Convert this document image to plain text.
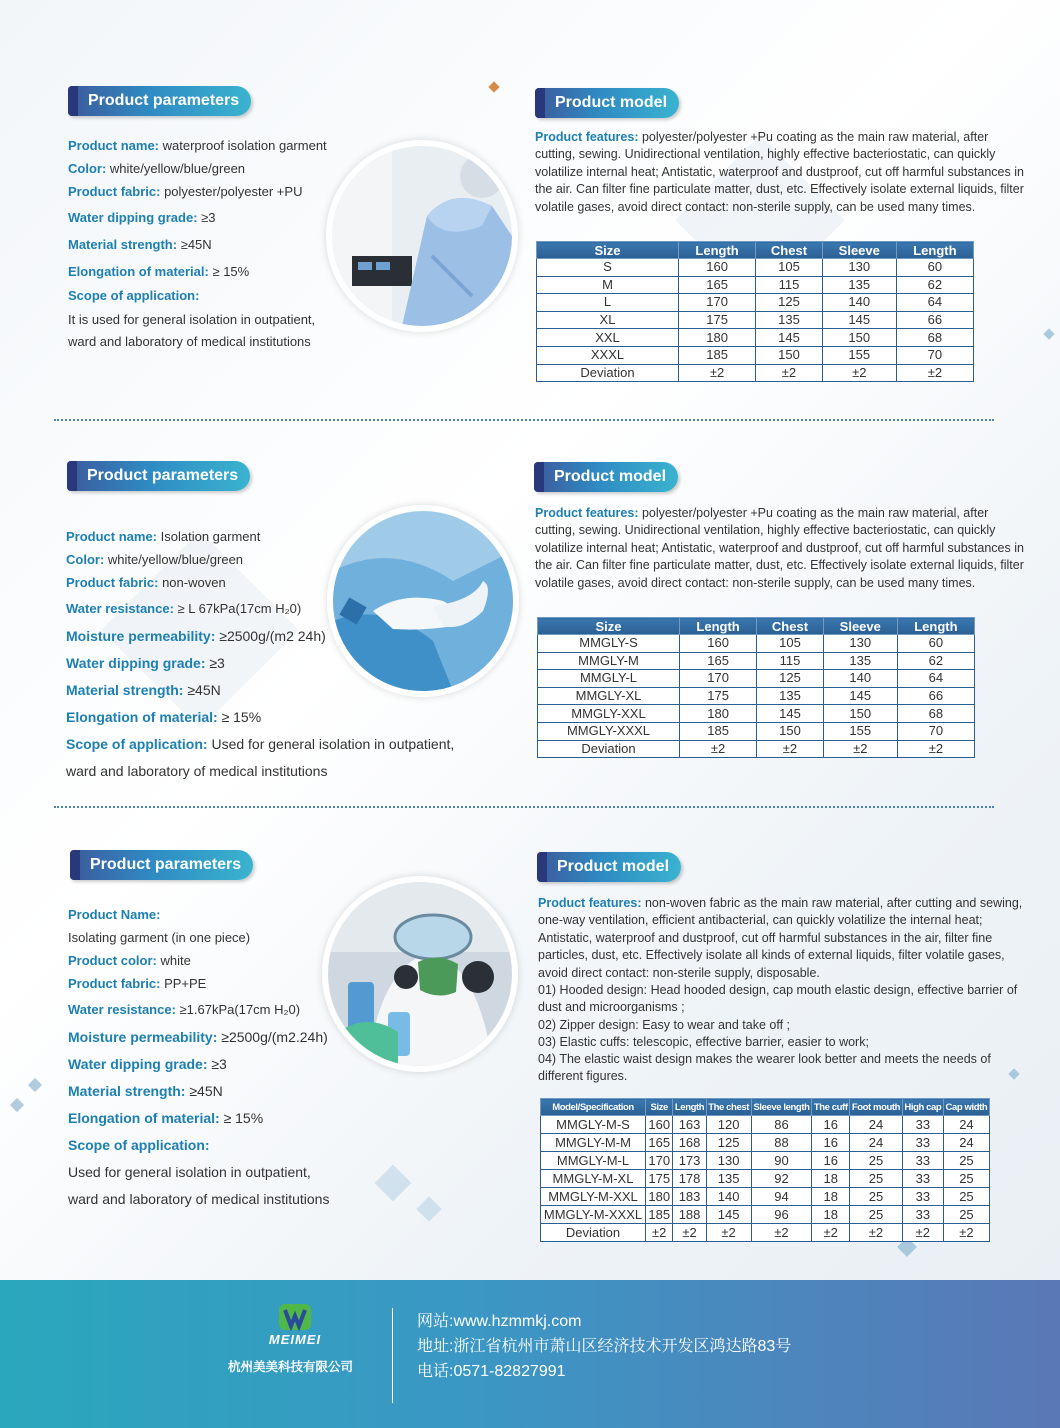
Product parameters	Product model
Product name: waterproof isolation garment
Color: white/yellow/blue/green
Product fabric: polyester/polyester +PU
Water dipping grade: ≥3
Material strength: ≥45N
Elongation of material: ≥ 15%
Scope of application:
It is used for general isolation in outpatient,
ward and laboratory of medical institutions
Product features: polyester/polyester +Pu coating as the main raw material, after cutting, sewing. Unidirectional ventilation, highly effective bacteriostatic, can quickly volatilize internal heat; Antistatic, waterproof and dustproof, cut off harmful substances in the air. Can filter fine particulate matter, dust, etc. Effectively isolate external liquids, filter volatile gases, avoid direct contact: non-sterile supply, can be used many times.
Size	Length	Chest	Sleeve	Length
S	160	105	130	60
M	165	115	135	62
L	170	125	140	64
XL	175	135	145	66
XXL	180	145	150	68
XXXL	185	150	155	70
Deviation	±2	±2	±2	±2
Product parameters	Product model
Product name: Isolation garment
Color: white/yellow/blue/green
Product fabric: non-woven
Water resistance: ≥ L 67kPa(17cm H₂0)
Moisture permeability: ≥2500g/(m2 24h)
Water dipping grade: ≥3
Material strength: ≥45N
Elongation of material: ≥ 15%
Scope of application: Used for general isolation in outpatient,
ward and laboratory of medical institutions
Product features: polyester/polyester +Pu coating as the main raw material, after cutting, sewing. Unidirectional ventilation, highly effective bacteriostatic, can quickly volatilize internal heat; Antistatic, waterproof and dustproof, cut off harmful substances in the air. Can filter fine particulate matter, dust, etc. Effectively isolate external liquids, filter volatile gases, avoid direct contact: non-sterile supply, can be used many times.
Size	Length	Chest	Sleeve	Length
MMGLY-S	160	105	130	60
MMGLY-M	165	115	135	62
MMGLY-L	170	125	140	64
MMGLY-XL	175	135	145	66
MMGLY-XXL	180	145	150	68
MMGLY-XXXL	185	150	155	70
Deviation	±2	±2	±2	±2
Product parameters	Product model
Product Name:
Isolating garment (in one piece)
Product color: white
Product fabric: PP+PE
Water resistance: ≥1.67kPa(17cm H₂0)
Moisture permeability: ≥2500g/(m2.24h)
Water dipping grade: ≥3
Material strength: ≥45N
Elongation of material: ≥ 15%
Scope of application:
Used for general isolation in outpatient,
ward and laboratory of medical institutions
Product features: non-woven fabric as the main raw material, after cutting and sewing, one-way ventilation, efficient antibacterial, can quickly volatilize the internal heat; Antistatic, waterproof and dustproof, cut off harmful substances in the air, filter fine particles, dust, etc. Effectively isolate all kinds of external liquids, filter volatile gases, avoid direct contact: non-sterile supply, disposable.
01) Hooded design: Head hooded design, cap mouth elastic design, effective barrier of dust and microorganisms ;
02) Zipper design: Easy to wear and take off ;
03) Elastic cuffs: telescopic, effective barrier, easier to work;
04) The elastic waist design makes the wearer look better and meets the needs of different figures.
Model/Specification	Size	Length	The chest	Sleeve length	The cuff	Foot mouth	High cap	Cap width
MMGLY-M-S	160	163	120	86	16	24	33	24
MMGLY-M-M	165	168	125	88	16	24	33	24
MMGLY-M-L	170	173	130	90	16	25	33	25
MMGLY-M-XL	175	178	135	92	18	25	33	25
MMGLY-M-XXL	180	183	140	94	18	25	33	25
MMGLY-M-XXXL	185	188	145	96	18	25	33	25
Deviation	±2	±2	±2	±2	±2	±2	±2	±2
MEIMEI
杭州美美科技有限公司
网站:www.hzmmkj.com
地址:浙江省杭州市萧山区经济技术开发区鸿达路83号
电话:0571-82827991
